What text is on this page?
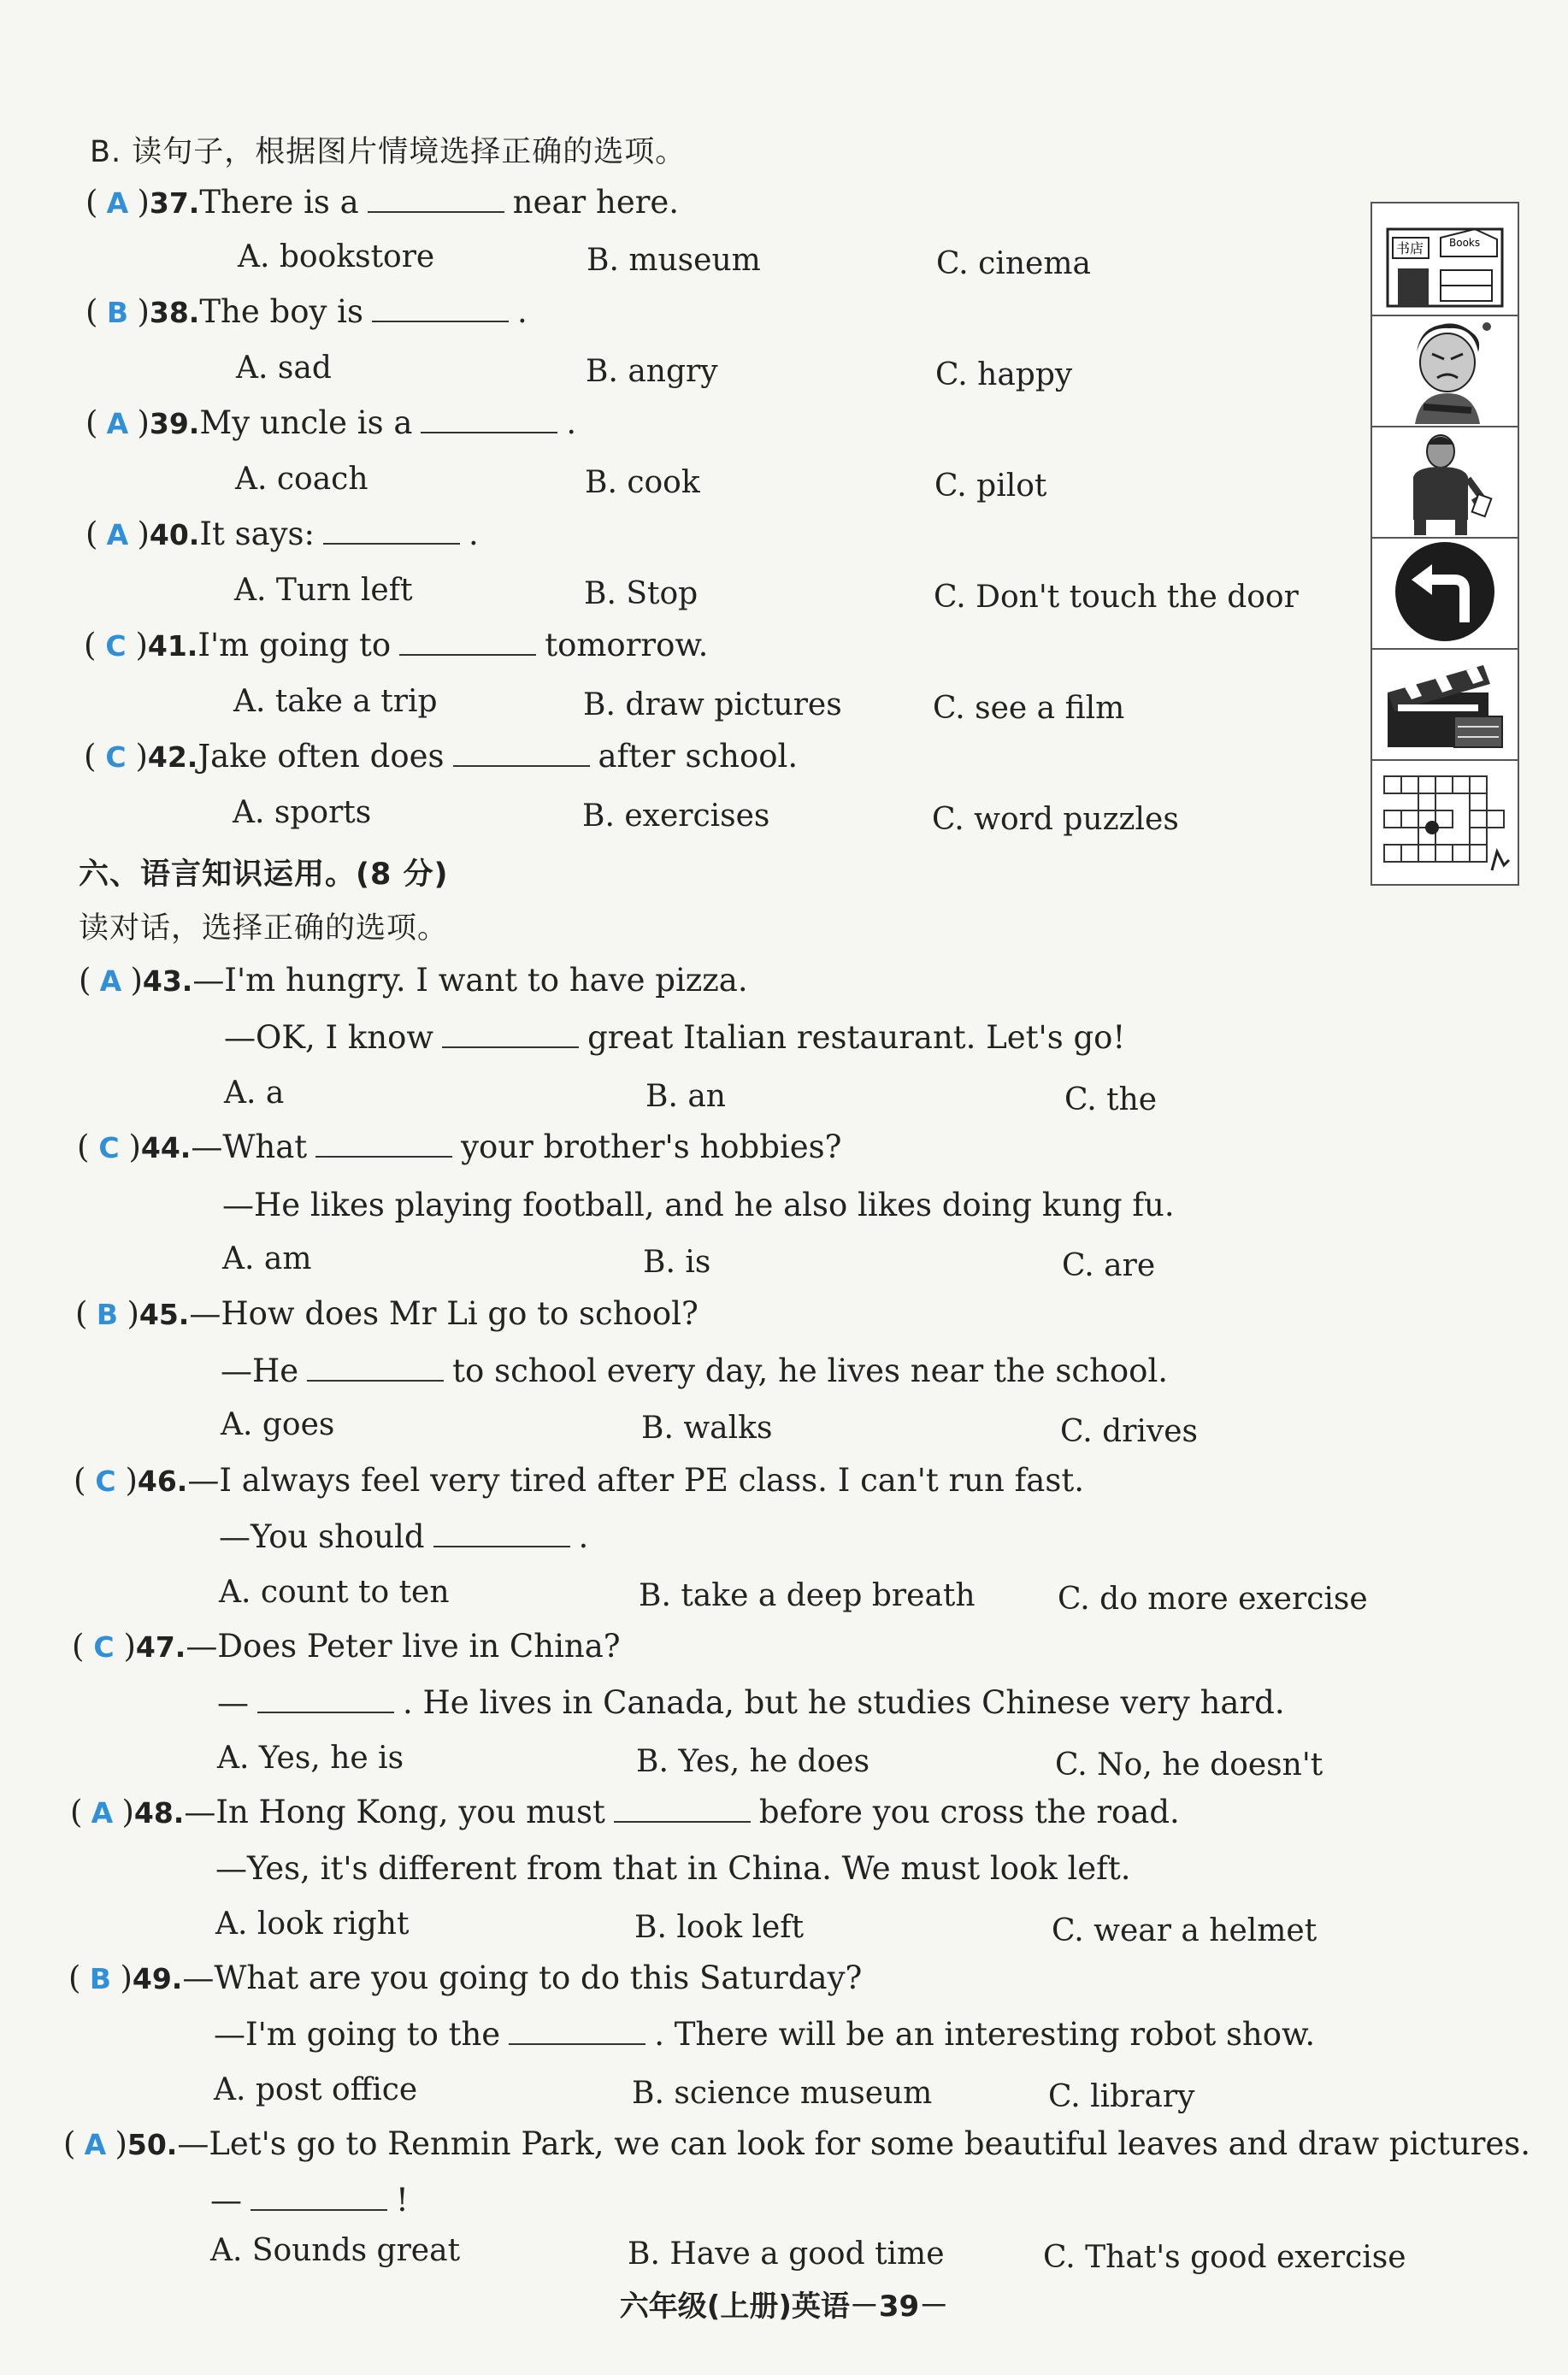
B. 读句子，根据图片情境选择正确的选项。
( A )37.There is a	near here.
A. bookstore	B. museum	C. cinema
( B )38.The boy is	.
A. sad	B. angry	C. happy
( A )39.My uncle is a	.
A. coach	B. cook	C. pilot
( A )40.It says:	.
A. Turn left	B. Stop	C. Don't touch the door
( C )41.I'm going to	tomorrow.
A. take a trip	B. draw pictures	C. see a film
( C )42.Jake often does	after school.
A. sports	B. exercises	C. word puzzles
书店 Books
六、语言知识运用。(8 分)
读对话，选择正确的选项。
( A )43.—I'm hungry. I want to have pizza.
—OK, I know	great Italian restaurant. Let's go!
A. a	B. an	C. the
( C )44.—What	your brother's hobbies?
—He likes playing football, and he also likes doing kung fu.
A. am	B. is	C. are
( B )45.—How does Mr Li go to school?
—He	to school every day, he lives near the school.
A. goes	B. walks	C. drives
( C )46.—I always feel very tired after PE class. I can't run fast.
—You should	.
A. count to ten	B. take a deep breath	C. do more exercise
( C )47.—Does Peter live in China?
—	. He lives in Canada, but he studies Chinese very hard.
A. Yes, he is	B. Yes, he does	C. No, he doesn't
( A )48.—In Hong Kong, you must	before you cross the road.
—Yes, it's different from that in China. We must look left.
A. look right	B. look left	C. wear a helmet
( B )49.—What are you going to do this Saturday?
—I'm going to the	. There will be an interesting robot show.
A. post office	B. science museum	C. library
( A )50.—Let's go to Renmin Park, we can look for some beautiful leaves and draw pictures.
—	!
六年级(上册)英语－39－
A. Sounds great	B. Have a good time	C. That's good exercise
